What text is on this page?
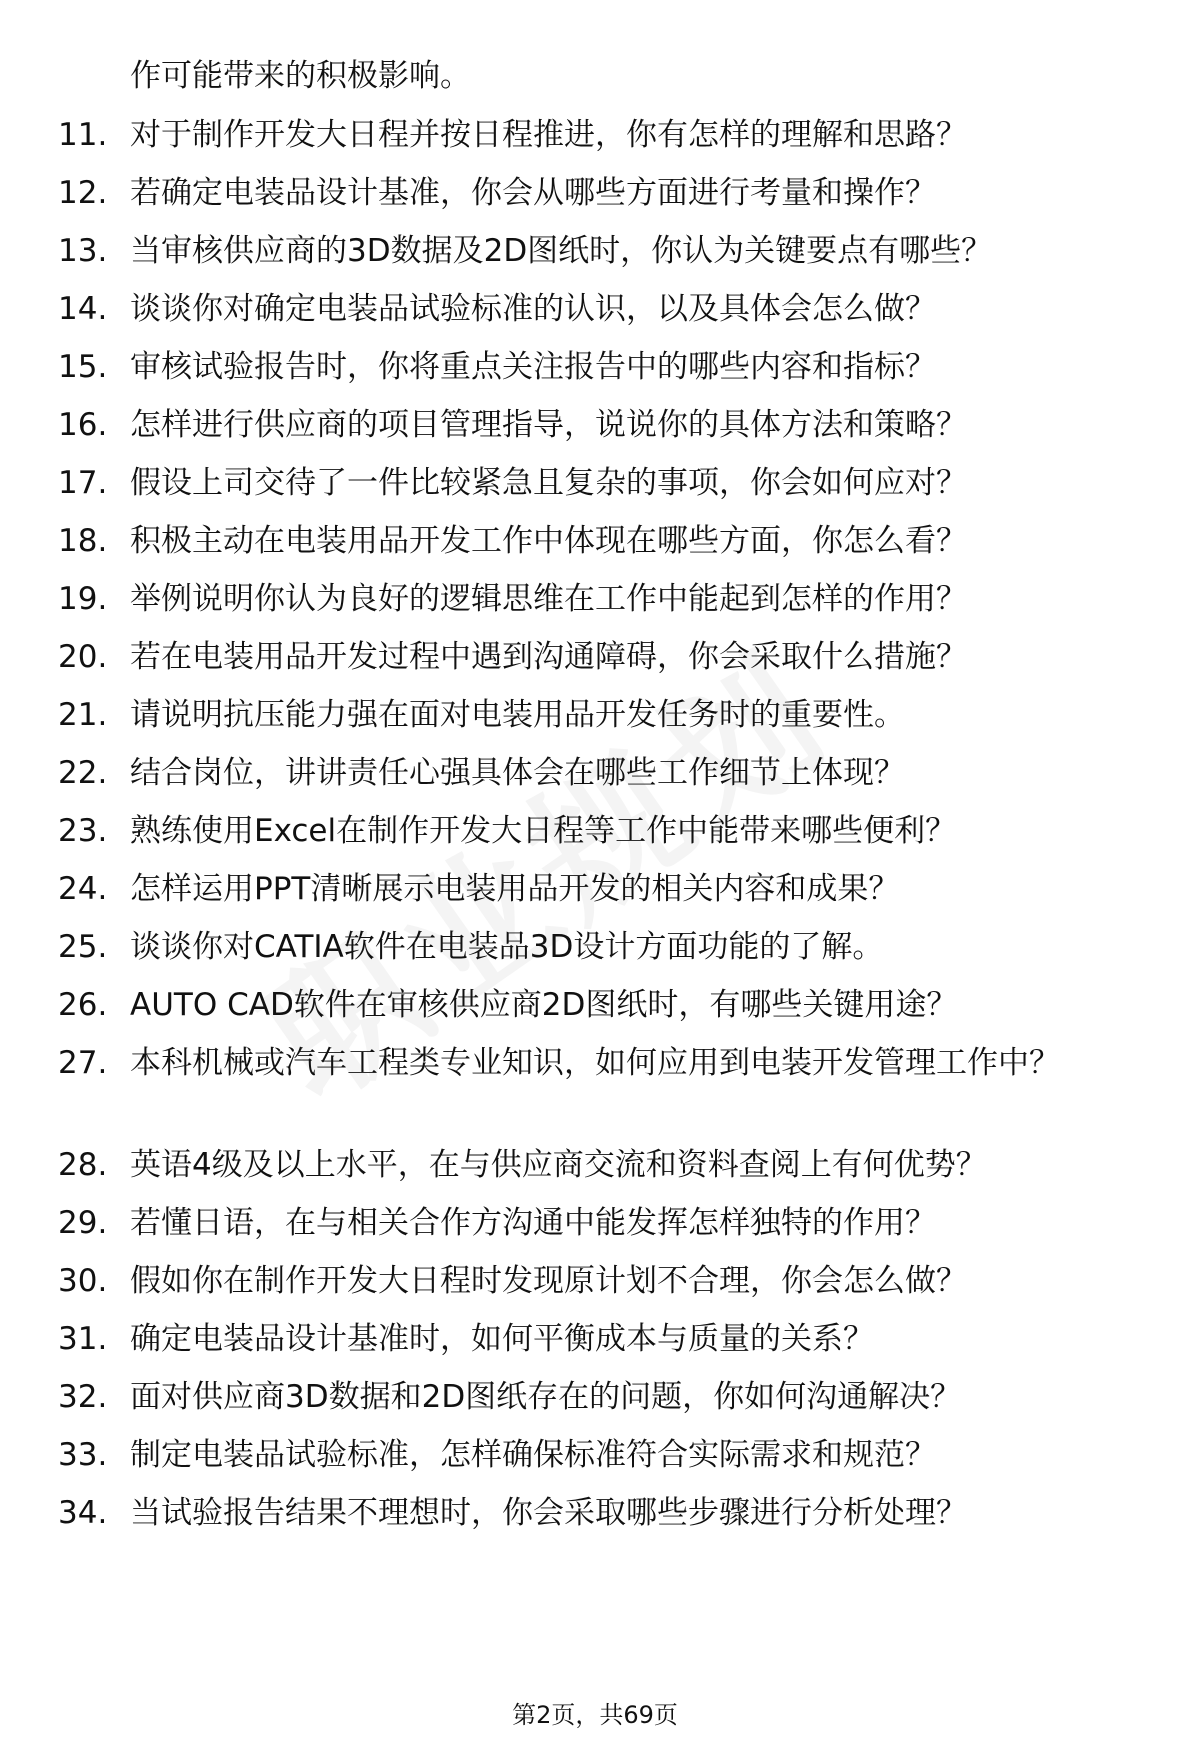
作可能带来的积极影响。
11. 对于制作开发大日程并按日程推进，你有怎样的理解和思路？
12. 若确定电装品设计基准，你会从哪些方面进行考量和操作？
13. 当审核供应商的3D数据及2D图纸时，你认为关键要点有哪些？
14. 谈谈你对确定电装品试验标准的认识，以及具体会怎么做？
15. 审核试验报告时，你将重点关注报告中的哪些内容和指标？
16. 怎样进行供应商的项目管理指导，说说你的具体方法和策略？
17. 假设上司交待了一件比较紧急且复杂的事项，你会如何应对？
18. 积极主动在电装用品开发工作中体现在哪些方面，你怎么看？
19. 举例说明你认为良好的逻辑思维在工作中能起到怎样的作用？
20. 若在电装用品开发过程中遇到沟通障碍，你会采取什么措施？
21. 请说明抗压能力强在面对电装用品开发任务时的重要性。
22. 结合岗位，讲讲责任心强具体会在哪些工作细节上体现？
23. 熟练使用Excel在制作开发大日程等工作中能带来哪些便利？
24. 怎样运用PPT清晰展示电装用品开发的相关内容和成果？
25. 谈谈你对CATIA软件在电装品3D设计方面功能的了解。
26. AUTO CAD软件在审核供应商2D图纸时，有哪些关键用途？
27. 本科机械或汽车工程类专业知识，如何应用到电装开发管理工作中？
28. 英语4级及以上水平，在与供应商交流和资料查阅上有何优势？
29. 若懂日语，在与相关合作方沟通中能发挥怎样独特的作用？
30. 假如你在制作开发大日程时发现原计划不合理，你会怎么做？
31. 确定电装品设计基准时，如何平衡成本与质量的关系？
32. 面对供应商3D数据和2D图纸存在的问题，你如何沟通解决？
33. 制定电装品试验标准，怎样确保标准符合实际需求和规范？
34. 当试验报告结果不理想时，你会采取哪些步骤进行分析处理？
第2页，共69页
